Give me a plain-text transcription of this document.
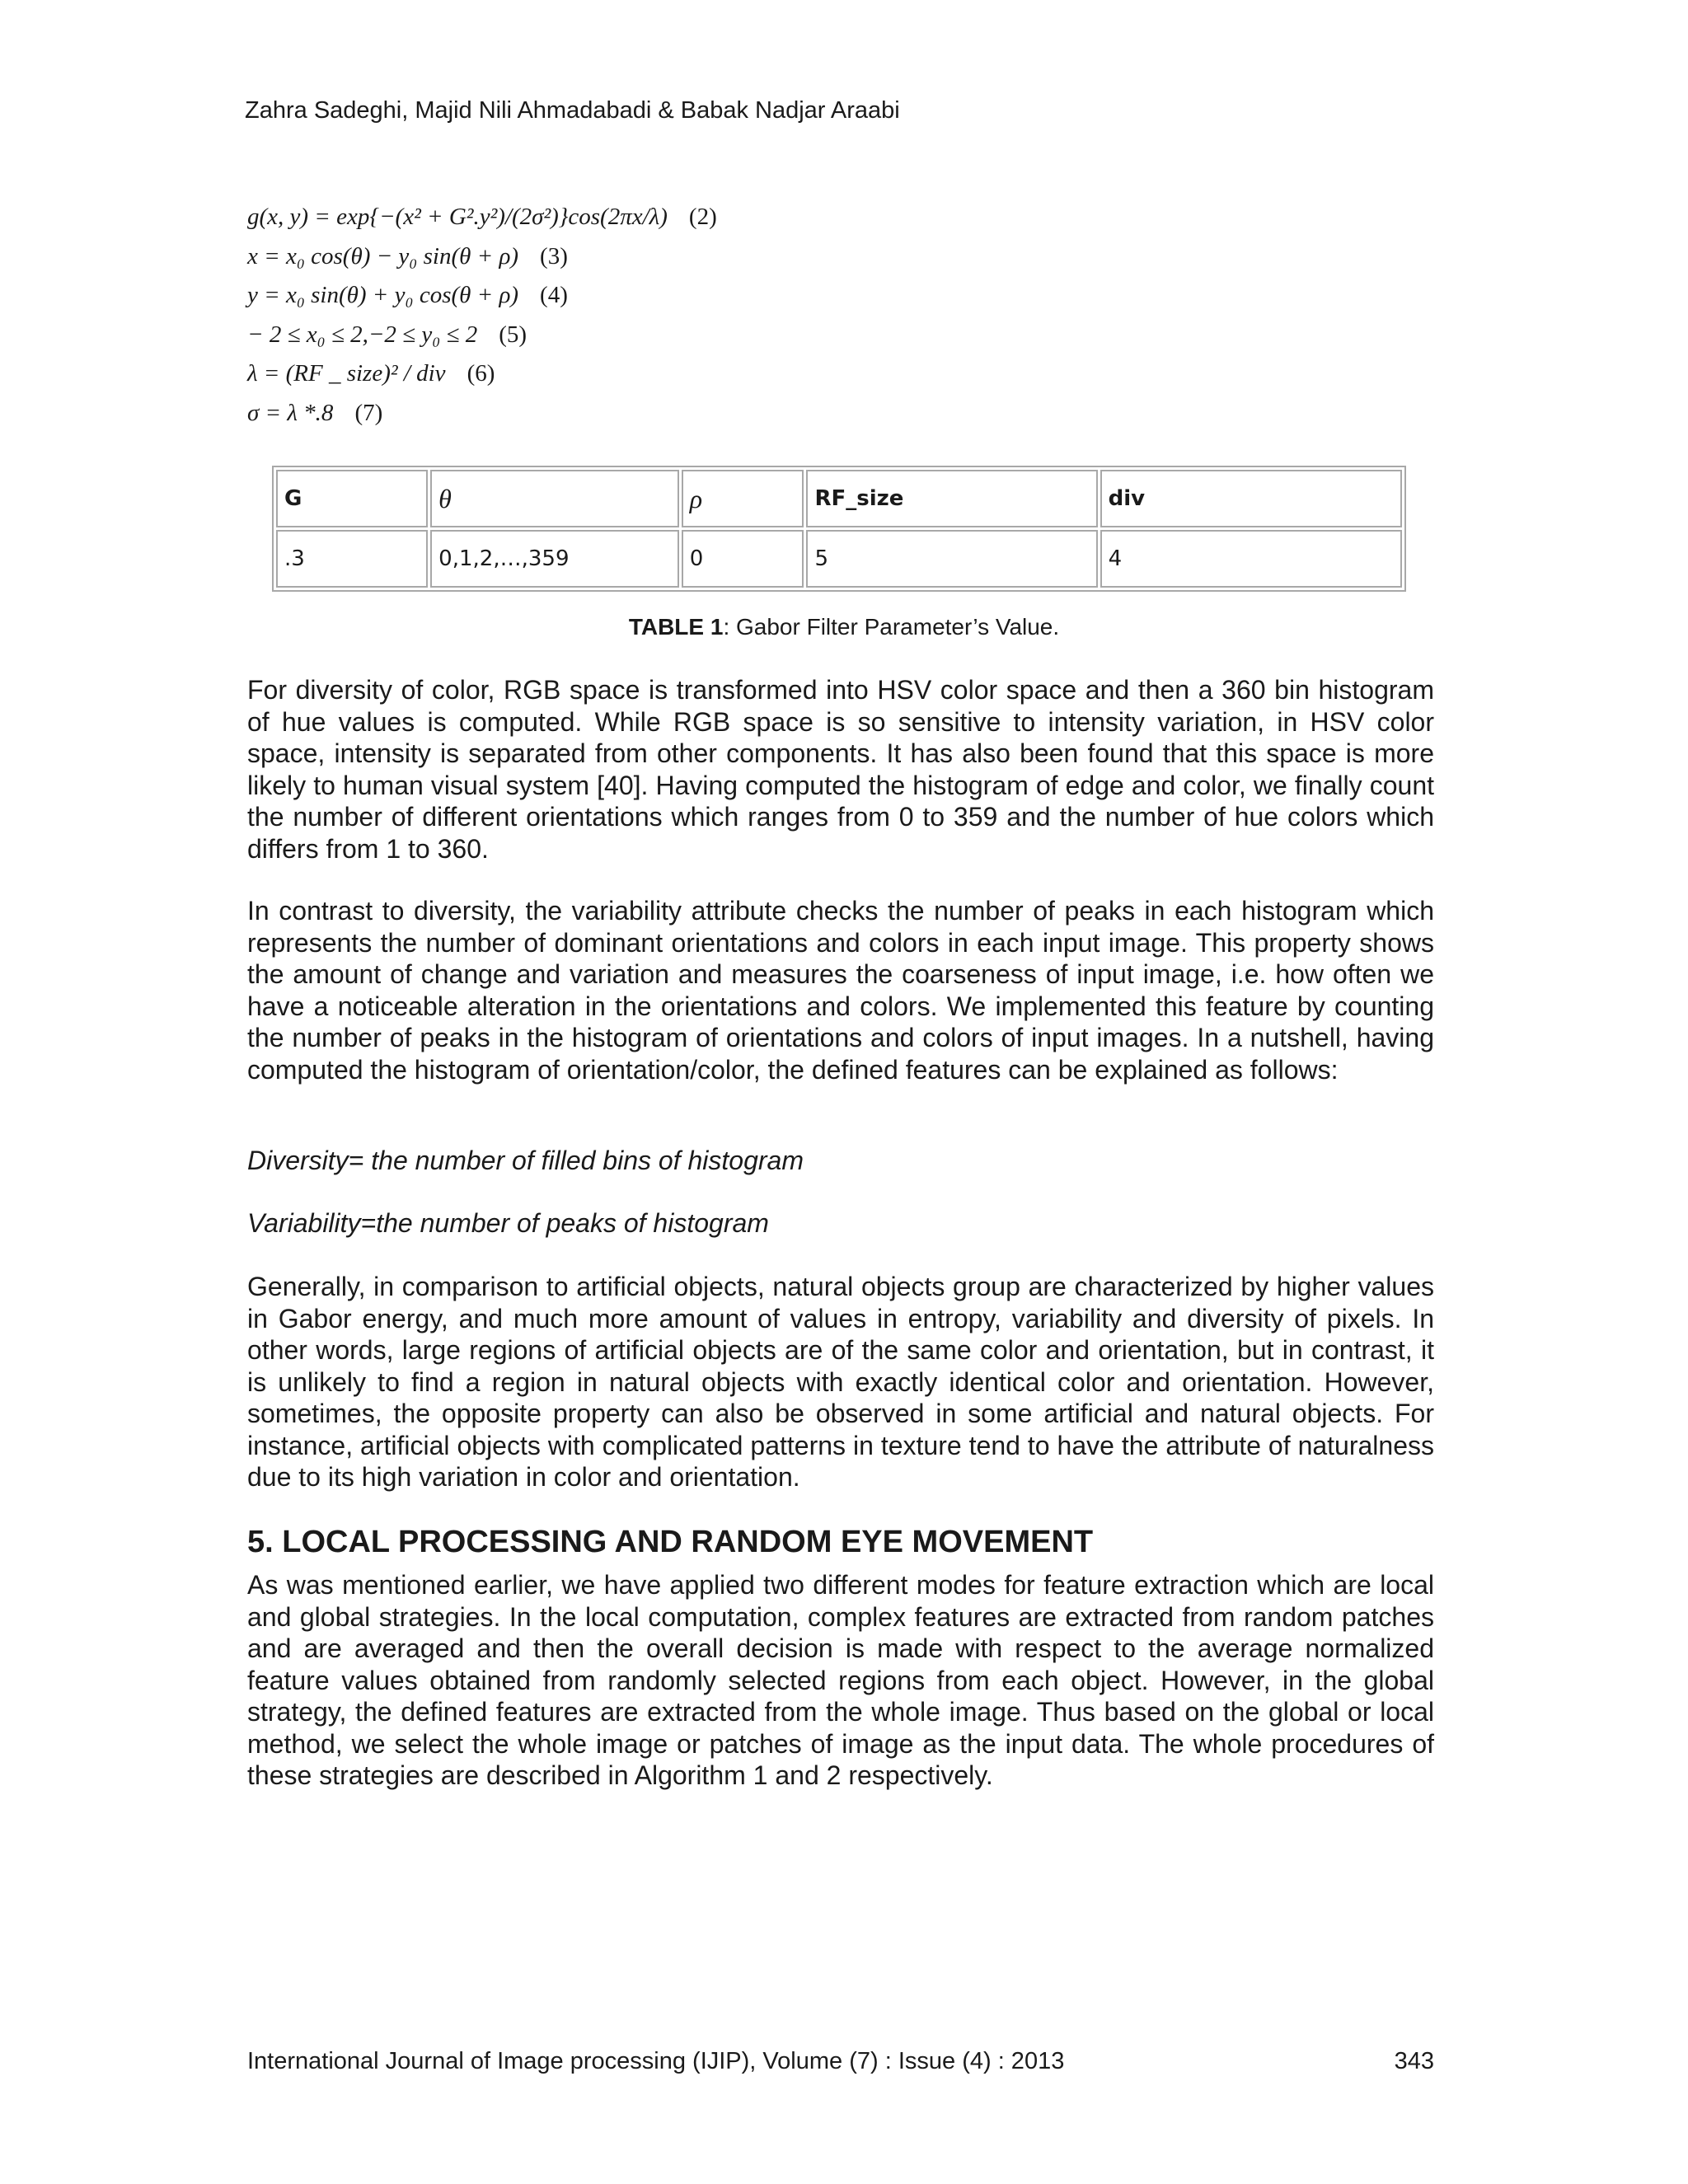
Zahra Sadeghi, Majid Nili Ahmadabadi & Babak Nadjar Araabi
g(x, y) = exp{−(x² + G².y²)/(2σ²)}cos(2πx/λ) (2)
x = x₀ cos(θ) − y₀ sin(θ + ρ) (3)
y = x₀ sin(θ) + y₀ cos(θ + ρ) (4)
− 2 ≤ x₀ ≤ 2,−2 ≤ y₀ ≤ 2 (5)
λ = (RF _ size)² / div (6)
σ = λ *.8 (7)
G	θ	ρ	RF_size	div
.3	0,1,2,…,359	0	5	4
TABLE 1: Gabor Filter Parameter’s Value.

For diversity of color, RGB space is transformed into HSV color space and then a 360 bin histogram of hue values is computed. While RGB space is so sensitive to intensity variation, in HSV color space, intensity is separated from other components. It has also been found that this space is more likely to human visual system [40]. Having computed the histogram of edge and color, we finally count the number of different orientations which ranges from 0 to 359 and the number of hue colors which differs from 1 to 360.

In contrast to diversity, the variability attribute checks the number of peaks in each histogram which represents the number of dominant orientations and colors in each input image. This property shows the amount of change and variation and measures the coarseness of input image, i.e. how often we have a noticeable alteration in the orientations and colors. We implemented this feature by counting the number of peaks in the histogram of orientations and colors of input images. In a nutshell, having computed the histogram of orientation/color, the defined features can be explained as follows:

Diversity= the number of filled bins of histogram
Variability=the number of peaks of histogram

Generally, in comparison to artificial objects, natural objects group are characterized by higher values in Gabor energy, and much more amount of values in entropy, variability and diversity of pixels. In other words, large regions of artificial objects are of the same color and orientation, but in contrast, it is unlikely to find a region in natural objects with exactly identical color and orientation. However, sometimes, the opposite property can also be observed in some artificial and natural objects. For instance, artificial objects with complicated patterns in texture tend to have the attribute of naturalness due to its high variation in color and orientation.

5. LOCAL PROCESSING AND RANDOM EYE MOVEMENT

As was mentioned earlier, we have applied two different modes for feature extraction which are local and global strategies. In the local computation, complex features are extracted from random patches and are averaged and then the overall decision is made with respect to the average normalized feature values obtained from randomly selected regions from each object. However, in the global strategy, the defined features are extracted from the whole image. Thus based on the global or local method, we select the whole image or patches of image as the input data. The whole procedures of these strategies are described in Algorithm 1 and 2 respectively.

International Journal of Image processing (IJIP), Volume (7) : Issue (4) : 2013	343
